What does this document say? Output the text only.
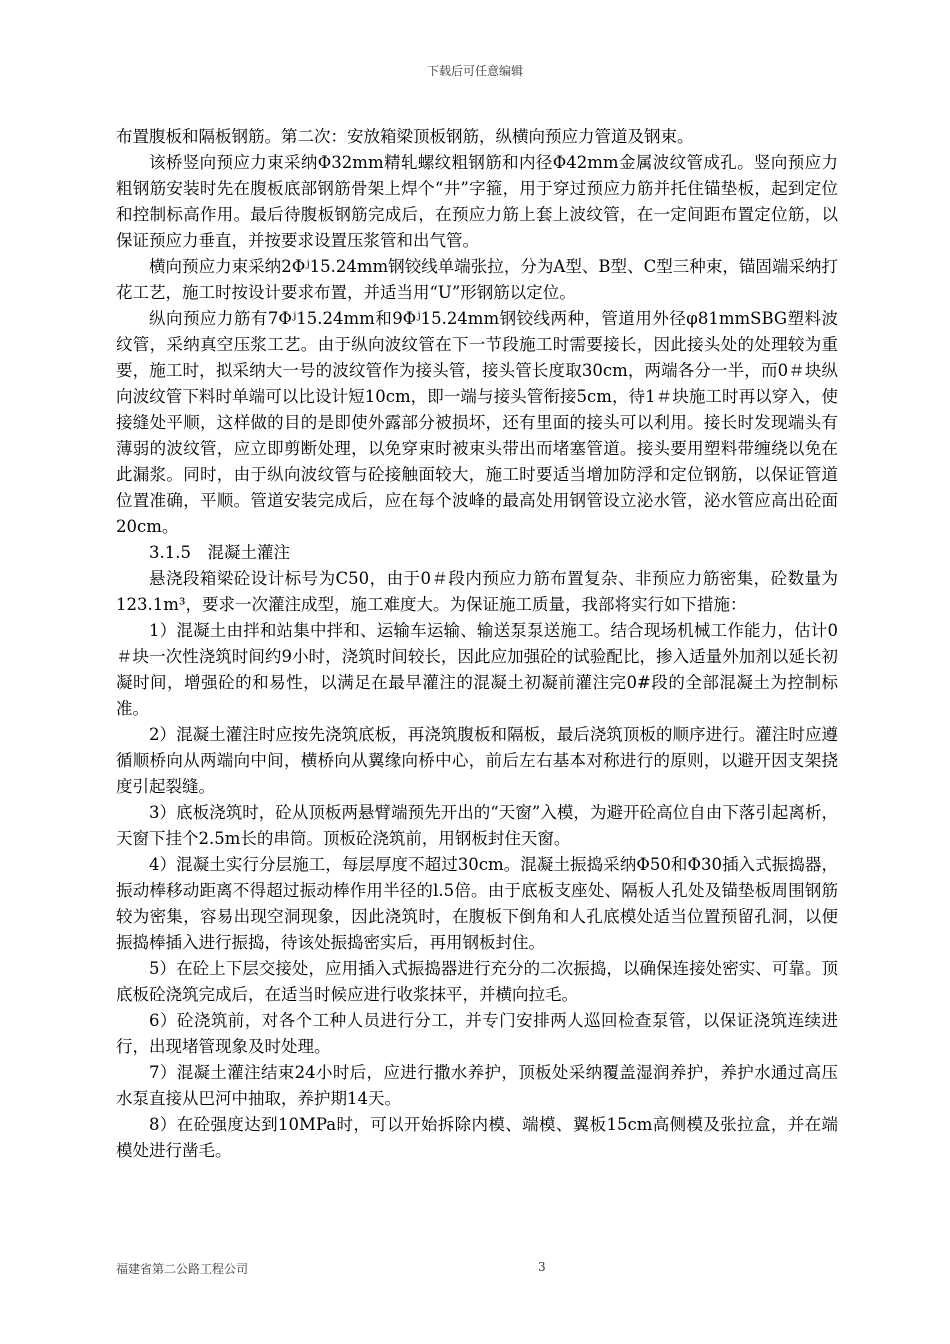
下载后可任意编辑

布置腹板和隔板钢筋。第二次：安放箱梁顶板钢筋，纵横向预应力管道及钢束。

该桥竖向预应力束采纳Φ32mm精轧螺纹粗钢筋和内径Φ42mm金属波纹管成孔。竖向预应力粗钢筋安装时先在腹板底部钢筋骨架上焊个“井”字箍，用于穿过预应力筋并托住锚垫板，起到定位和控制标高作用。最后待腹板钢筋完成后，在预应力筋上套上波纹管，在一定间距布置定位筋，以保证预应力垂直，并按要求设置压浆管和出气管。

横向预应力束采纳2Φʲ15.24mm钢铰线单端张拉，分为A型、B型、C型三种束，锚固端采纳打花工艺，施工时按设计要求布置，并适当用“U”形钢筋以定位。

纵向预应力筋有7Φʲ15.24mm和9Φʲ15.24mm钢铰线两种，管道用外径φ81mmSBG塑料波纹管，采纳真空压浆工艺。由于纵向波纹管在下一节段施工时需要接长，因此接头处的处理较为重要，施工时，拟采纳大一号的波纹管作为接头管，接头管长度取30cm，两端各分一半，而0＃块纵向波纹管下料时单端可以比设计短10cm，即一端与接头管衔接5cm，待1＃块施工时再以穿入，使接缝处平顺，这样做的目的是即使外露部分被损坏，还有里面的接头可以利用。接长时发现端头有薄弱的波纹管，应立即剪断处理，以免穿束时被束头带出而堵塞管道。接头要用塑料带缠绕以免在此漏浆。同时，由于纵向波纹管与砼接触面较大，施工时要适当增加防浮和定位钢筋，以保证管道位置准确，平顺。管道安装完成后，应在每个波峰的最高处用钢管设立泌水管，泌水管应高出砼面20cm。

3.1.5　混凝土灌注

悬浇段箱梁砼设计标号为C50，由于0＃段内预应力筋布置复杂、非预应力筋密集，砼数量为123.1m³，要求一次灌注成型，施工难度大。为保证施工质量，我部将实行如下措施：

1）混凝土由拌和站集中拌和、运输车运输、输送泵泵送施工。结合现场机械工作能力，估计0＃块一次性浇筑时间约9小时，浇筑时间较长，因此应加强砼的试验配比，掺入适量外加剂以延长初凝时间，增强砼的和易性，以满足在最早灌注的混凝土初凝前灌注完0#段的全部混凝土为控制标准。

2）混凝土灌注时应按先浇筑底板，再浇筑腹板和隔板，最后浇筑顶板的顺序进行。灌注时应遵循顺桥向从两端向中间，横桥向从翼缘向桥中心，前后左右基本对称进行的原则，以避开因支架挠度引起裂缝。

3）底板浇筑时，砼从顶板两悬臂端预先开出的“天窗”入模，为避开砼高位自由下落引起离析，天窗下挂个2.5m长的串筒。顶板砼浇筑前，用钢板封住天窗。

4）混凝土实行分层施工，每层厚度不超过30cm。混凝土振捣采纳Φ50和Φ30插入式振捣器，振动棒移动距离不得超过振动棒作用半径的l.5倍。由于底板支座处、隔板人孔处及锚垫板周围钢筋较为密集，容易出现空洞现象，因此浇筑时，在腹板下倒角和人孔底模处适当位置预留孔洞，以便振捣棒插入进行振捣，待该处振捣密实后，再用钢板封住。

5）在砼上下层交接处，应用插入式振捣器进行充分的二次振捣，以确保连接处密实、可靠。顶底板砼浇筑完成后，在适当时候应进行收浆抹平，并横向拉毛。

6）砼浇筑前，对各个工种人员进行分工，并专门安排两人巡回检查泵管，以保证浇筑连续进行，出现堵管现象及时处理。

7）混凝土灌注结束24小时后，应进行撒水养护，顶板处采纳覆盖湿润养护，养护水通过高压水泵直接从巴河中抽取，养护期14天。

8）在砼强度达到10MPa时，可以开始拆除内模、端模、翼板15cm高侧模及张拉盒，并在端模处进行凿毛。

福建省第二公路工程公司	3
